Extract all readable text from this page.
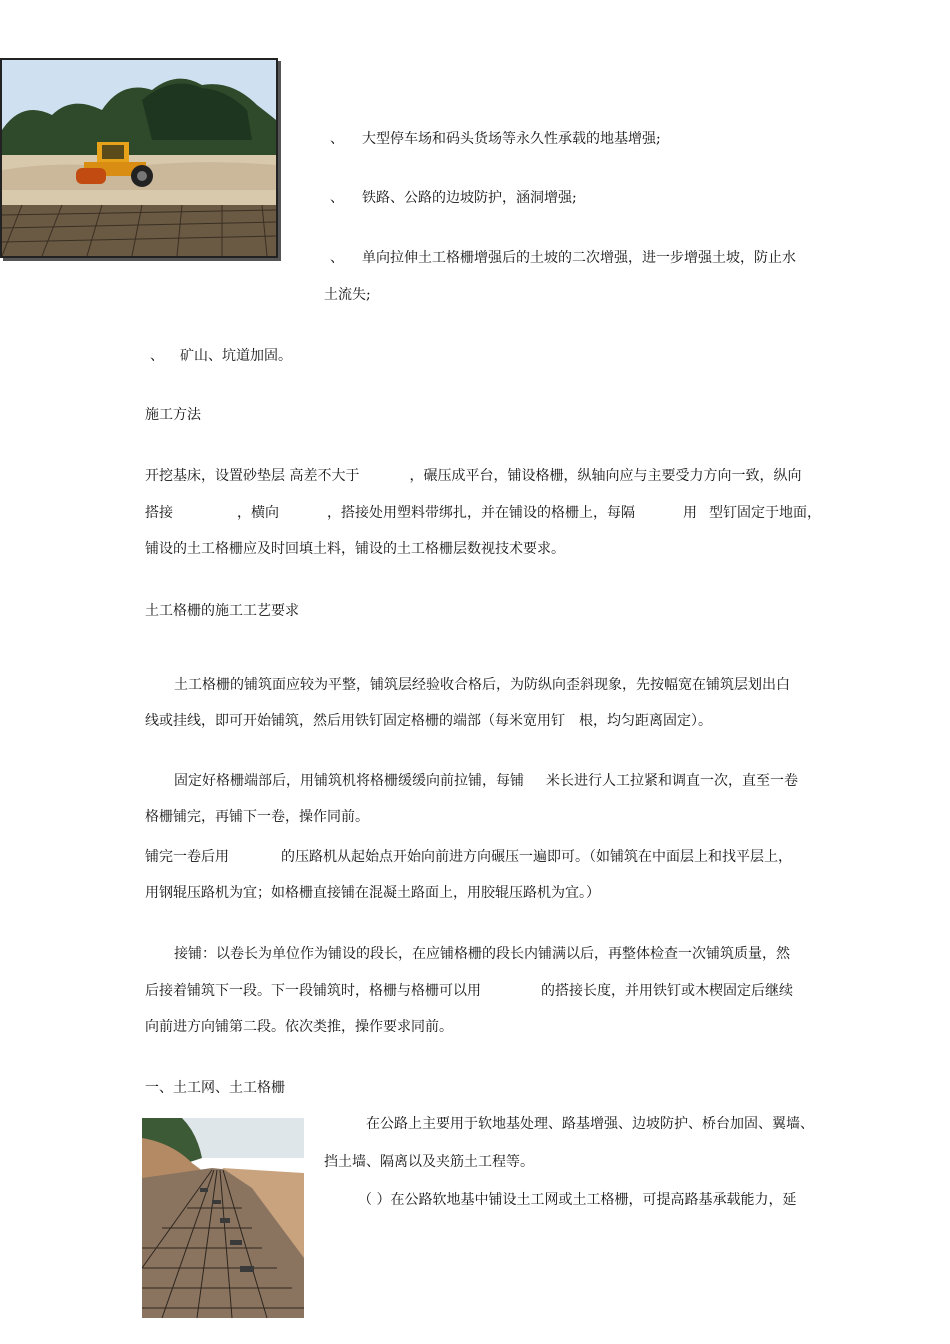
、 大型停车场和码头货场等永久性承载的地基增强;
、 铁路、公路的边坡防护，涵洞增强;
、 单向拉伸土工格栅增强后的土坡的二次增强，进一步增强土坡，防止水
土流失;
、 矿山、坑道加固。
施工方法
开挖基床，设置砂垫层 高差不大于	，碾压成平台，铺设格栅，纵轴向应与主要受力方向一致，纵向
搭接	，横向	，搭接处用塑料带绑扎，并在铺设的格栅上，每隔	用 型钉固定于地面，
铺设的土工格栅应及时回填土料，铺设的土工格栅层数视技术要求。
土工格栅的施工工艺要求
土工格栅的铺筑面应较为平整，铺筑层经验收合格后，为防纵向歪斜现象，先按幅宽在铺筑层划出白
线或挂线，即可开始铺筑，然后用铁钉固定格栅的端部（每米宽用钉 根，均匀距离固定）。
固定好格栅端部后，用铺筑机将格栅缓缓向前拉铺，每铺 米长进行人工拉紧和调直一次，直至一卷
格栅铺完，再铺下一卷，操作同前。
铺完一卷后用	的压路机从起始点开始向前进方向碾压一遍即可。（如铺筑在中面层上和找平层上，
用钢辊压路机为宜；如格栅直接铺在混凝土路面上，用胶辊压路机为宜。）
接铺：以卷长为单位作为铺设的段长，在应铺格栅的段长内铺满以后，再整体检查一次铺筑质量，然
后接着铺筑下一段。下一段铺筑时，格栅与格栅可以用	的搭接长度，并用铁钉或木楔固定后继续
向前进方向铺第二段。依次类推，操作要求同前。
一、土工网、土工格栅
在公路上主要用于软地基处理、路基增强、边坡防护、桥台加固、翼墙、
挡土墙、隔离以及夹筋土工程等。
（ ）在公路软地基中铺设土工网或土工格栅，可提高路基承载能力，延
